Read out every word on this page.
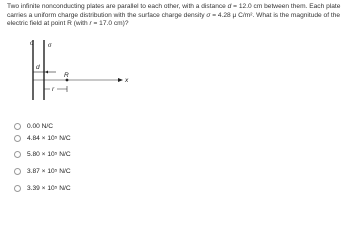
Two infinite nonconducting plates are parallel to each other, with a distance d = 12.0 cm between them. Each plate carries a uniform charge distribution with the surface charge density σ = 4.28 μ C/m². What is the magnitude of the electric field at point R (with r = 17.0 cm)?
σ σ
d
x
R
r
0.00 N/C
4.84 × 10⁵ N/C
5.80 × 10⁵ N/C
3.87 × 10⁵ N/C
3.39 × 10⁵ N/C
